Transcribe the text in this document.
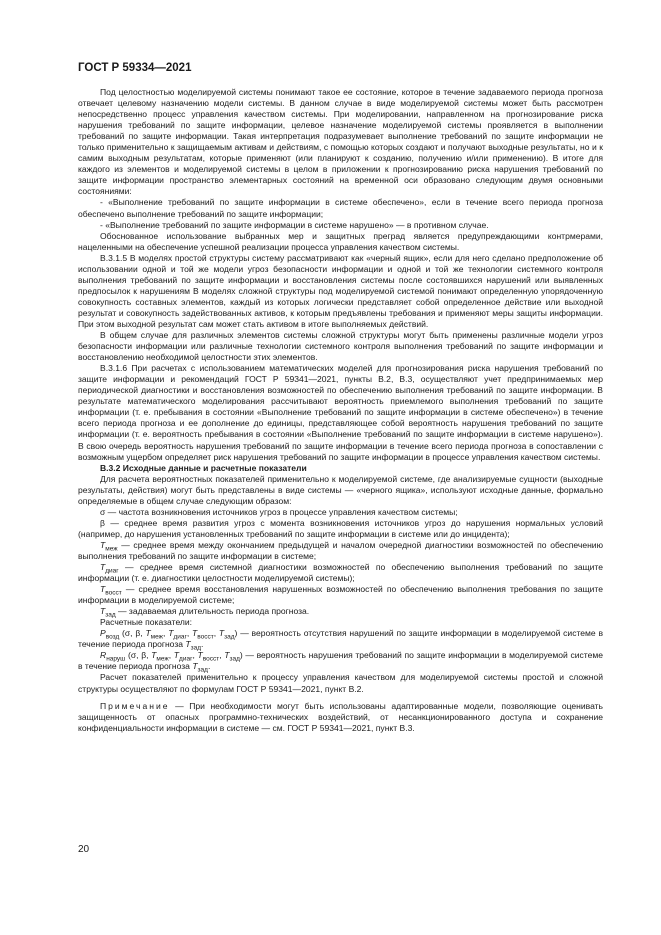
ГОСТ Р 59334—2021

Под целостностью моделируемой системы понимают такое ее состояние, которое в течение задаваемого периода прогноза отвечает целевому назначению модели системы. В данном случае в виде моделируемой системы может быть рассмотрен непосредственно процесс управления качеством системы. При моделировании, направленном на прогнозирование риска нарушения требований по защите информации, целевое назначение моделируемой системы проявляется в выполнении требований по защите информации. Такая интерпретация подразумевает выполнение требований по защите информации не только применительно к защищаемым активам и действиям, с помощью которых создают и получают выходные результаты, но и к самим выходным результатам, которые применяют (или планируют к созданию, получению и/или применению). В итоге для каждого из элементов и моделируемой системы в целом в приложении к прогнозированию риска нарушения требований по защите информации пространство элементарных состояний на временной оси образовано следующим двумя основными состояниями:

- «Выполнение требований по защите информации в системе обеспечено», если в течение всего периода прогноза обеспечено выполнение требований по защите информации;

- «Выполнение требований по защите информации в системе нарушено» — в противном случае.

Обоснованное использование выбранных мер и защитных преград является предупреждающими контрмерами, нацеленными на обеспечение успешной реализации процесса управления качеством системы.

В.3.1.5 В моделях простой структуры систему рассматривают как «черный ящик», если для него сделано предположение об использовании одной и той же модели угроз безопасности информации и одной и той же технологии системного контроля выполнения требований по защите информации и восстановления системы после состоявшихся нарушений или выявленных предпосылок к нарушениям В моделях сложной структуры под моделируемой системой понимают определенную упорядоченную совокупность составных элементов, каждый из которых логически представляет собой определенное действие или выходной результат и совокупность задействованных активов, к которым предъявлены требования и применяют меры защиты информации. При этом выходной результат сам может стать активом в итоге выполняемых действий.

В общем случае для различных элементов системы сложной структуры могут быть применены различные модели угроз безопасности информации или различные технологии системного контроля выполнения требований по защите информации и восстановлению необходимой целостности этих элементов.

В.3.1.6 При расчетах с использованием математических моделей для прогнозирования риска нарушения требований по защите информации и рекомендаций ГОСТ Р 59341—2021, пункты В.2, В.3, осуществляют учет предпринимаемых мер периодической диагностики и восстановления возможностей по обеспечению выполнения требований по защите информации. В результате математического моделирования рассчитывают вероятность приемлемого выполнения требований по защите информации (т. е. пребывания в состоянии «Выполнение требований по защите информации в системе обеспечено») в течение всего периода прогноза и ее дополнение до единицы, представляющее собой вероятность нарушения требований по защите информации (т. е. вероятность пребывания в состоянии «Выполнение требований по защите информации в системе нарушено»). В свою очередь вероятность нарушения требований по защите информации в течение всего периода прогноза в сопоставлении с возможным ущербом определяет риск нарушения требований по защите информации в процессе управления качеством системы.

В.3.2 Исходные данные и расчетные показатели

Для расчета вероятностных показателей применительно к моделируемой системе, где анализируемые сущности (выходные результаты, действия) могут быть представлены в виде системы — «черного ящика», используют исходные данные, формально определяемые в общем случае следующим образом:

σ — частота возникновения источников угроз в процессе управления качеством системы;

β — среднее время развития угроз с момента возникновения источников угроз до нарушения нормальных условий (например, до нарушения установленных требований по защите информации в системе или до инцидента);

$T_{меж}$ — среднее время между окончанием предыдущей и началом очередной диагностики возможностей по обеспечению выполнения требований по защите информации в системе;

$T_{диаг}$ — среднее время системной диагностики возможностей по обеспечению выполнения требований по защите информации (т. е. диагностики целостности моделируемой системы);

$T_{восст}$ — среднее время восстановления нарушенных возможностей по обеспечению выполнения требования по защите информации в моделируемой системе;

$T_{зад}$ — задаваемая длительность периода прогноза.

Расчетные показатели:

$P_{возд}$ (σ, β, $T_{меж}$, $T_{диаг}$, $T_{восст}$, $T_{зад}$) — вероятность отсутствия нарушений по защите информации в моделируемой системе в течение периода прогноза $T_{зад}$.

$R_{наруш}$ (σ, β, $T_{меж}$, $T_{диаг}$, $T_{восст}$, $T_{зад}$) — вероятность нарушения требований по защите информации в моделируемой системе в течение периода прогноза $T_{зад}$.

Расчет показателей применительно к процессу управления качеством для моделируемой системы простой и сложной структуры осуществляют по формулам ГОСТ Р 59341—2021, пункт В.2.

Примечание — При необходимости могут быть использованы адаптированные модели, позволяющие оценивать защищенность от опасных программно-технических воздействий, от несанкционированного доступа и сохранение конфиденциальности информации в системе — см. ГОСТ Р 59341—2021, пункт В.3.

20
